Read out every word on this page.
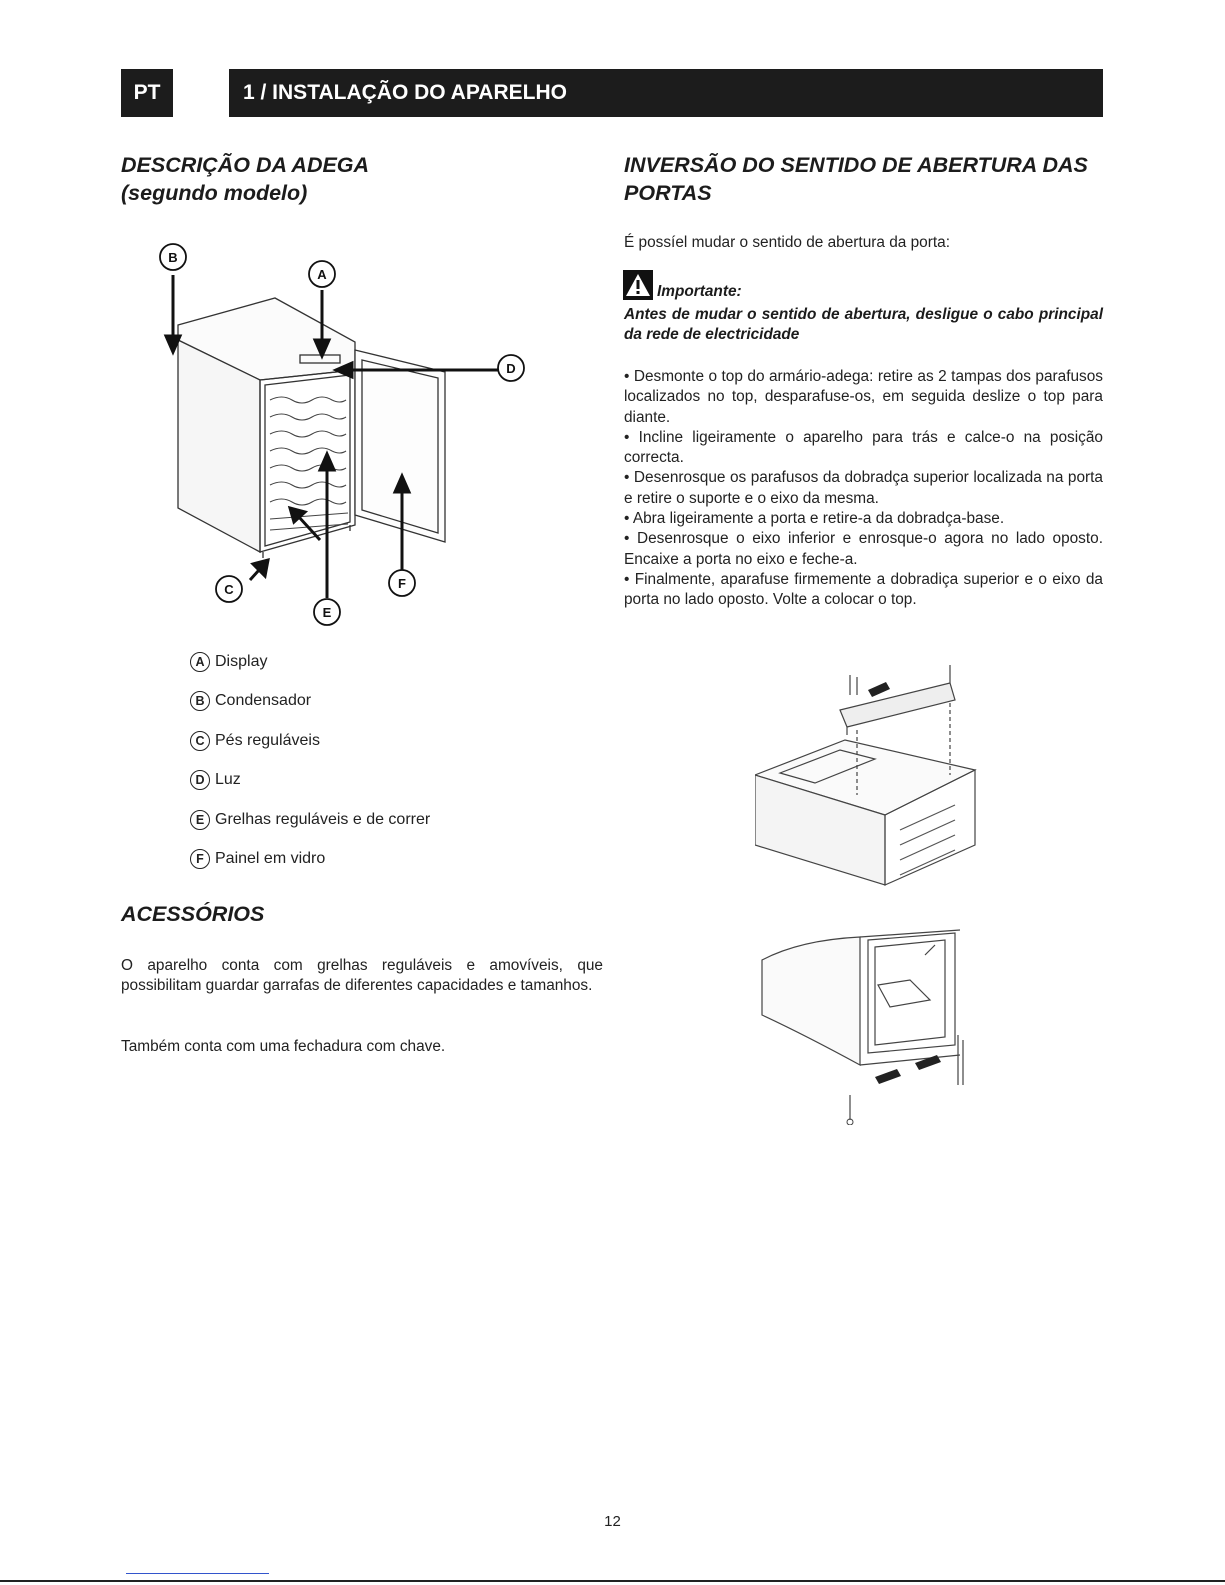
PT	1 / INSTALAÇÃO DO APARELHO
DESCRIÇÃO DA ADEGA
(segundo modelo)
B
A
D
C	F
E
A Display
B Condensador
C Pés reguláveis
D Luz
E Grelhas reguláveis e de correr
F Painel em vidro
ACESSÓRIOS

O aparelho conta com grelhas reguláveis e amovíveis, que possibilitam guardar garrafas de diferentes capacidades e tamanhos.

Também conta com uma fechadura com chave.

INVERSÃO DO SENTIDO DE ABERTURA DAS
PORTAS

É possíel mudar o sentido de abertura da porta:

Importante:

Antes de mudar o sentido de abertura, desligue o cabo principal da rede de electricidade

• Desmonte o top do armário-adega: retire as 2 tampas dos parafusos localizados no top, desparafuse-os, em seguida deslize o top para diante.
• Incline ligeiramente o aparelho para trás e calce-o na posição correcta.
• Desenrosque os parafusos da dobradça superior localizada na porta e retire o suporte e o eixo da mesma.
• Abra ligeiramente a porta e retire-a da dobradça-base.
• Desenrosque o eixo inferior e enrosque-o agora no lado oposto. Encaixe a porta no eixo e feche-a.
• Finalmente, aparafuse firmemente a dobradiça superior e o eixo da porta no lado oposto. Volte a colocar o top.
12
